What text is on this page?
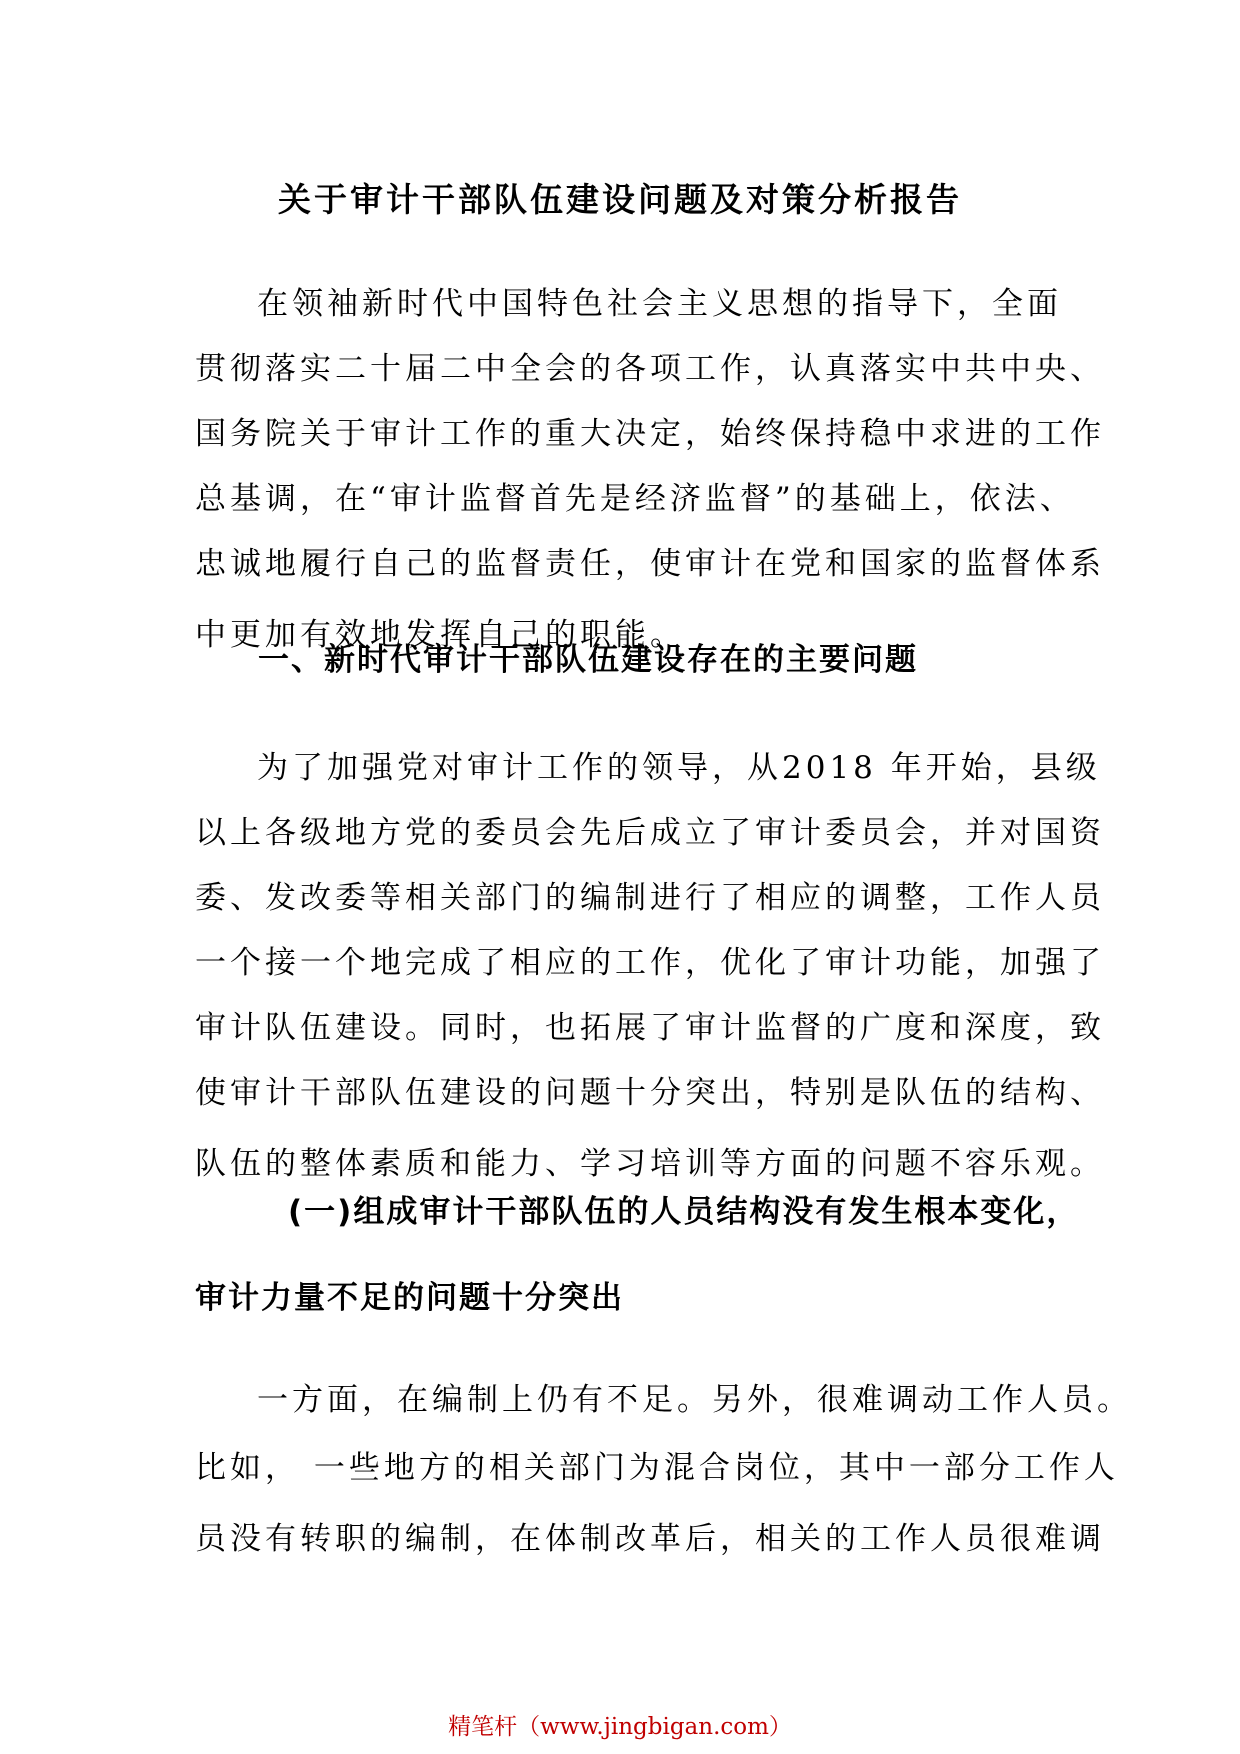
关于审计干部队伍建设问题及对策分析报告
在领袖新时代中国特色社会主义思想的指导下，全面
贯彻落实二十届二中全会的各项工作，认真落实中共中央、
国务院关于审计工作的重大决定，始终保持稳中求进的工作
总基调，在“审计监督首先是经济监督”的基础上，依法、
忠诚地履行自己的监督责任，使审计在党和国家的监督体系
中更加有效地发挥自己的职能。
一、新时代审计干部队伍建设存在的主要问题
为了加强党对审计工作的领导，从2018 年开始，县级
以上各级地方党的委员会先后成立了审计委员会，并对国资
委、发改委等相关部门的编制进行了相应的调整，工作人员
一个接一个地完成了相应的工作，优化了审计功能，加强了
审计队伍建设。同时，也拓展了审计监督的广度和深度，致
使审计干部队伍建设的问题十分突出，特别是队伍的结构、
队伍的整体素质和能力、学习培训等方面的问题不容乐观。
(一)组成审计干部队伍的人员结构没有发生根本变化，
审计力量不足的问题十分突出
一方面，在编制上仍有不足。另外，很难调动工作人员。
比如， 一些地方的相关部门为混合岗位，其中一部分工作人
员没有转职的编制，在体制改革后，相关的工作人员很难调
精笔杆（www.jingbigan.com）
